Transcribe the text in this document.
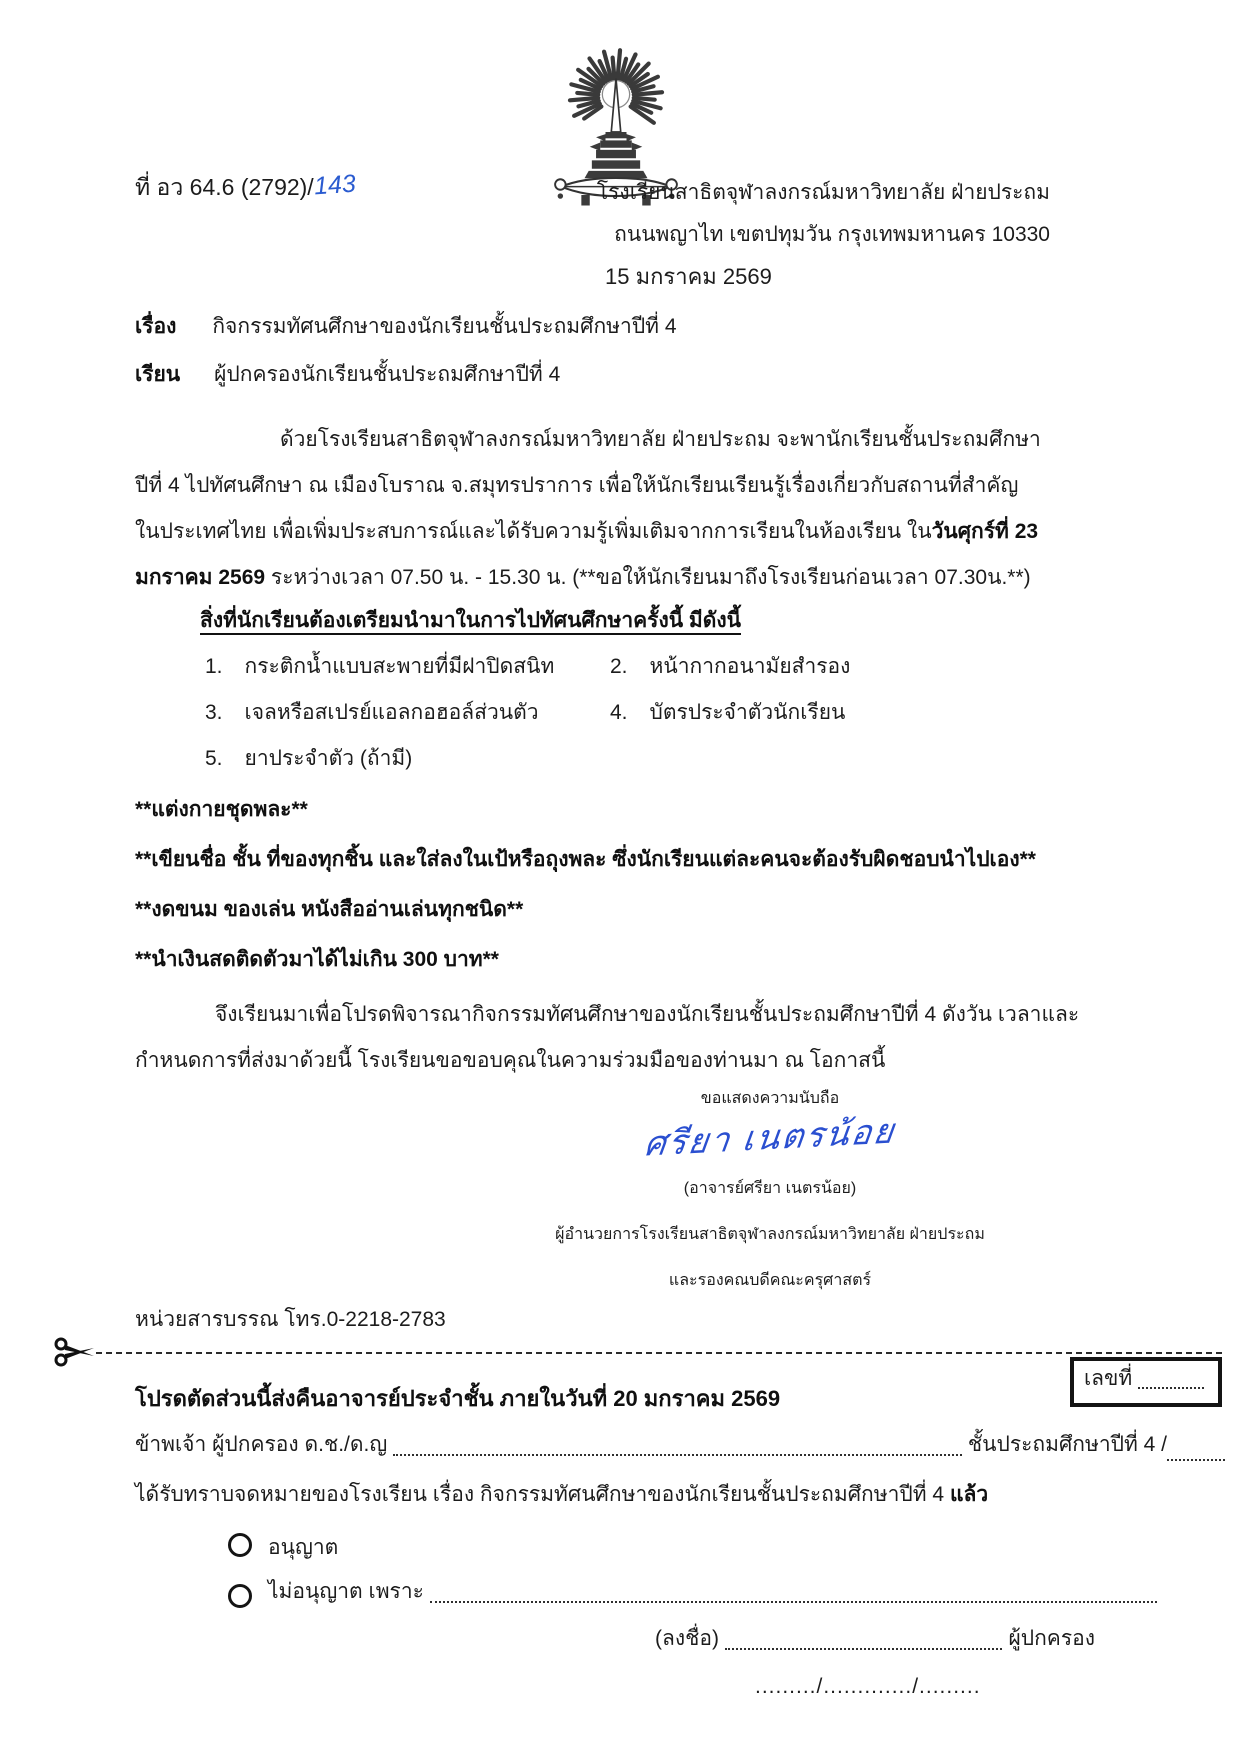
ที่ อว 64.6 (2792)/143	โรงเรียนสาธิตจุฬาลงกรณ์มหาวิทยาลัย ฝ่ายประถม
ถนนพญาไท เขตปทุมวัน กรุงเทพมหานคร 10330
15 มกราคม 2569
เรื่อง กิจกรรมทัศนศึกษาของนักเรียนชั้นประถมศึกษาปีที่ 4
เรียน ผู้ปกครองนักเรียนชั้นประถมศึกษาปีที่ 4
ด้วยโรงเรียนสาธิตจุฬาลงกรณ์มหาวิทยาลัย ฝ่ายประถม จะพานักเรียนชั้นประถมศึกษา
ปีที่ 4 ไปทัศนศึกษา ณ เมืองโบราณ จ.สมุทรปราการ เพื่อให้นักเรียนเรียนรู้เรื่องเกี่ยวกับสถานที่สำคัญ
ในประเทศไทย เพื่อเพิ่มประสบการณ์และได้รับความรู้เพิ่มเติมจากการเรียนในห้องเรียน ในวันศุกร์ที่ 23
มกราคม 2569 ระหว่างเวลา 07.50 น. - 15.30 น. (**ขอให้นักเรียนมาถึงโรงเรียนก่อนเวลา 07.30น.**)
สิ่งที่นักเรียนต้องเตรียมนำมาในการไปทัศนศึกษาครั้งนี้ มีดังนี้
1. กระติกน้ำแบบสะพายที่มีฝาปิดสนิท	2. หน้ากากอนามัยสำรอง
3. เจลหรือสเปรย์แอลกอฮอล์ส่วนตัว	4. บัตรประจำตัวนักเรียน
5. ยาประจำตัว (ถ้ามี)
**แต่งกายชุดพละ**
**เขียนชื่อ ชั้น ที่ของทุกชิ้น และใส่ลงในเป้หรือถุงพละ ซึ่งนักเรียนแต่ละคนจะต้องรับผิดชอบนำไปเอง**
**งดขนม ของเล่น หนังสืออ่านเล่นทุกชนิด**
**นำเงินสดติดตัวมาได้ไม่เกิน 300 บาท**
จึงเรียนมาเพื่อโปรดพิจารณากิจกรรมทัศนศึกษาของนักเรียนชั้นประถมศึกษาปีที่ 4 ดังวัน เวลาและ
กำหนดการที่ส่งมาด้วยนี้ โรงเรียนขอขอบคุณในความร่วมมือของท่านมา ณ โอกาสนี้
ขอแสดงความนับถือ
ศรียา เนตรน้อย
(อาจารย์ศรียา เนตรน้อย)
ผู้อำนวยการโรงเรียนสาธิตจุฬาลงกรณ์มหาวิทยาลัย ฝ่ายประถม
และรองคณบดีคณะครุศาสตร์
หน่วยสารบรรณ โทร.0-2218-2783
โปรดตัดส่วนนี้ส่งคืนอาจารย์ประจำชั้น ภายในวันที่ 20 มกราคม 2569
เลขที่
ข้าพเจ้า ผู้ปกครอง ด.ช./ด.ญ	ชั้นประถมศึกษาปีที่ 4 /
ได้รับทราบจดหมายของโรงเรียน เรื่อง กิจกรรมทัศนศึกษาของนักเรียนชั้นประถมศึกษาปีที่ 4 แล้ว
อนุญาต
ไม่อนุญาต เพราะ
(ลงชื่อ)	ผู้ปกครอง
........./............./.........
